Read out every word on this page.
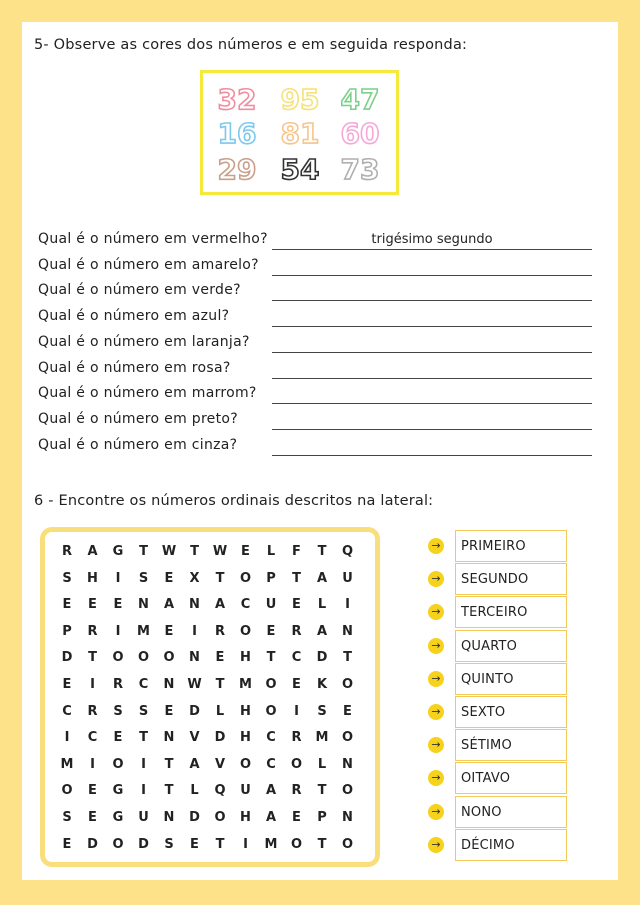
5- Observe as cores dos números e em seguida responda:
32 95 47
16 81 60
29 54 73
Qual é o número em vermelho?	trigésimo segundo
Qual é o número em amarelo?
Qual é o número em verde?
Qual é o número em azul?
Qual é o número em laranja?
Qual é o número em rosa?
Qual é o número em marrom?
Qual é o número em preto?
Qual é o número em cinza?
6 - Encontre os números ordinais descritos na lateral:
R	A	G	T	W	T	W	E	L	F	T	Q
S	H	I	S	E	X	T	O	P	T	A	U
E	E	E	N	A	N	A	C	U	E	L	I
P	R	I	M	E	I	R	O	E	R	A	N
D	T	O	O	O	N	E	H	T	C	D	T
E	I	R	C	N W	T	M	O	E	K	O
C	R	S	S	E	D	L	H	O	I	S	E
I	C	E	T	N	V	D	H	C	R	M	O
M	I	O	I	T	A	V	O	C	O	L	N
O	E	G	I	T	L	Q	U	A	R	T	O
S	E	G	U	N	D	O	H	A	E	P	N
E	D	O	D	S	E	T	I	M	O	T	O
→	PRIMEIRO
→	SEGUNDO
→	TERCEIRO
→	QUARTO
→	QUINTO
→	SEXTO
→	SÉTIMO
→	OITAVO
→	NONO
→	DÉCIMO
